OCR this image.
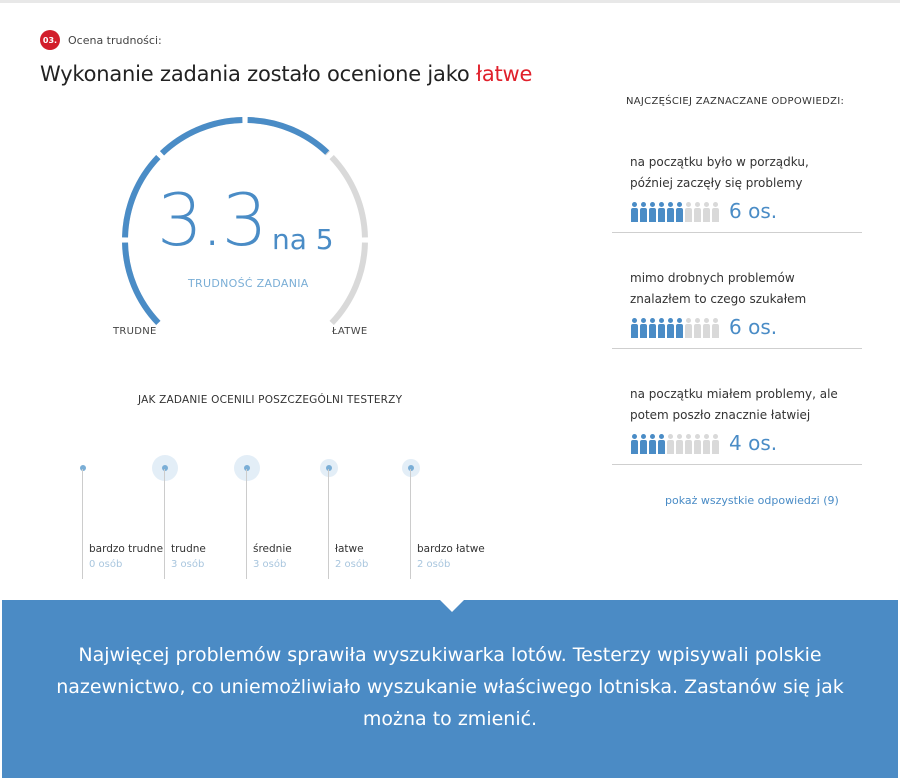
03. Ocena trudności:
Wykonanie zadania zostało ocenione jako łatwe
3.3 na 5
TRUDNOŚĆ ZADANIA
TRUDNE	ŁATWE
JAK ZADANIE OCENILI POSZCZEGÓLNI TESTERZY
bardzo trudne
0 osób
trudne
3 osób
średnie
3 osób
łatwe
2 osób
bardzo łatwe
2 osób
NAJCZĘŚCIEJ ZAZNACZANE ODPOWIEDZI:
na początku było w porządku, później zaczęły się problemy
6 os.
mimo drobnych problemów znalazłem to czego szukałem
6 os.
na początku miałem problemy, ale potem poszło znacznie łatwiej
4 os.
pokaż wszystkie odpowiedzi (9)
Najwięcej problemów sprawiła wyszukiwarka lotów. Testerzy wpisywali polskie nazewnictwo, co uniemożliwiało wyszukanie właściwego lotniska. Zastanów się jak można to zmienić.
